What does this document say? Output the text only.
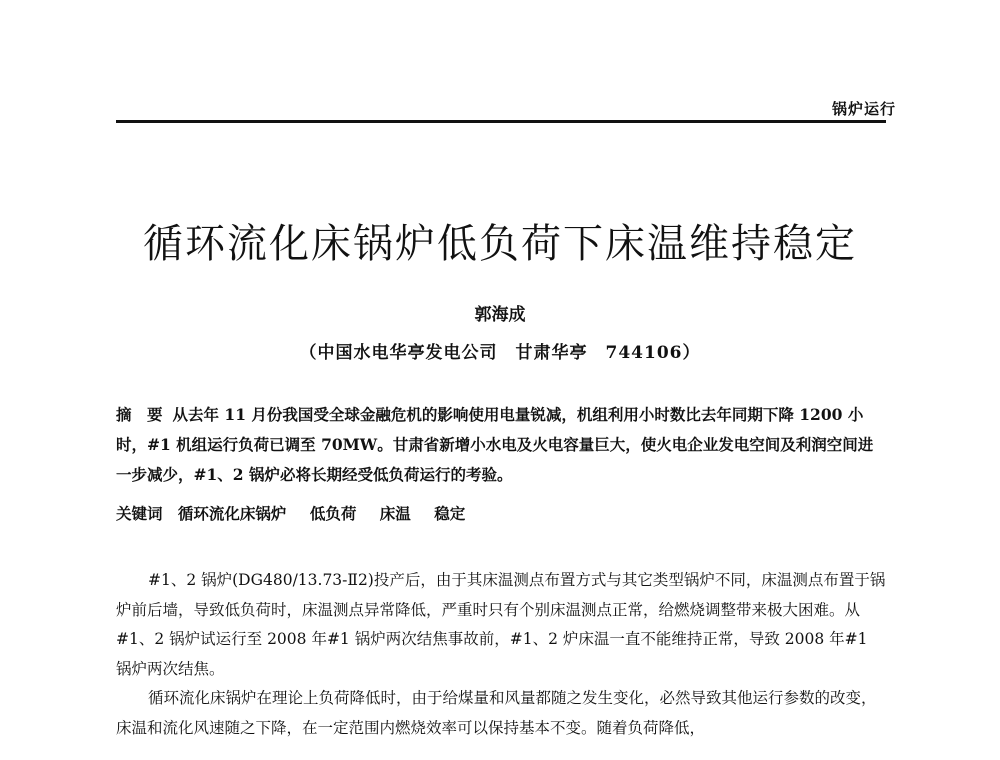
锅炉运行
循环流化床锅炉低负荷下床温维持稳定
郭海成
（中国水电华亭发电公司　甘肃华亭　744106）
摘　要 从去年 11 月份我国受全球金融危机的影响使用电量锐减，机组利用小时数比去年同期下降 1200 小时，#1 机组运行负荷已调至 70MW。甘肃省新增小水电及火电容量巨大，使火电企业发电空间及利润空间进一步减少，#1、2 锅炉必将长期经受低负荷运行的考验。
关键词 循环流化床锅炉 低负荷 床温 稳定

#1、2 锅炉(DG480/13.73-Ⅱ2)投产后，由于其床温测点布置方式与其它类型锅炉不同，床温测点布置于锅炉前后墙，导致低负荷时，床温测点异常降低，严重时只有个别床温测点正常，给燃烧调整带来极大困难。从#1、2 锅炉试运行至 2008 年#1 锅炉两次结焦事故前，#1、2 炉床温一直不能维持正常，导致 2008 年#1 锅炉两次结焦。

循环流化床锅炉在理论上负荷降低时，由于给煤量和风量都随之发生变化，必然导致其他运行参数的改变，床温和流化风速随之下降，在一定范围内燃烧效率可以保持基本不变。随着负荷降低，
